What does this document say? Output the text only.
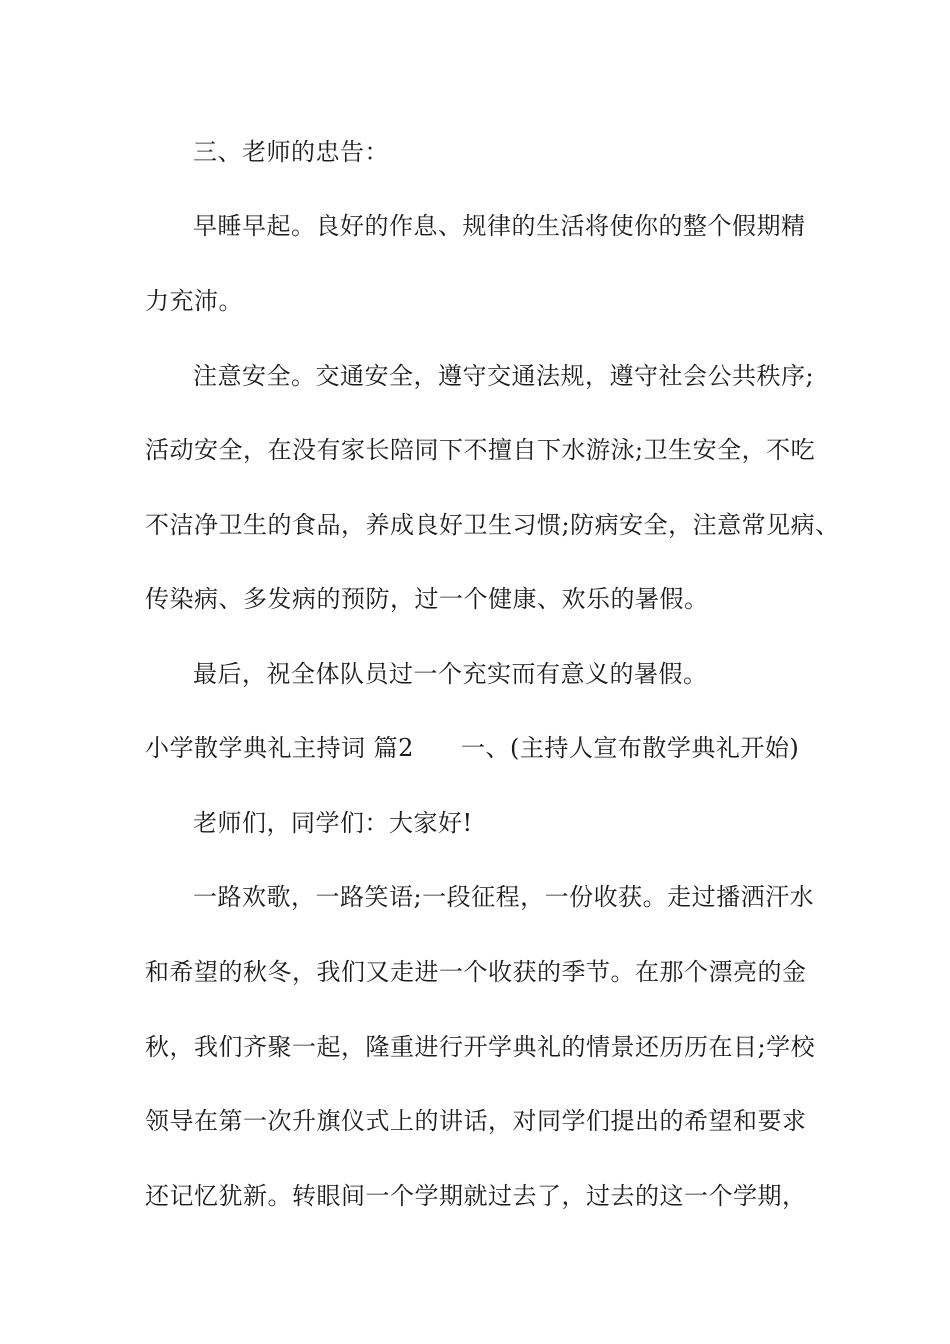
三、老师的忠告：
早睡早起。良好的作息、规律的生活将使你的整个假期精
力充沛。
注意安全。交通安全，遵守交通法规，遵守社会公共秩序;
活动安全，在没有家长陪同下不擅自下水游泳;卫生安全，不吃
不洁净卫生的食品，养成良好卫生习惯;防病安全，注意常见病、
传染病、多发病的预防，过一个健康、欢乐的暑假。
最后，祝全体队员过一个充实而有意义的暑假。
小学散学典礼主持词 篇2 一、(主持人宣布散学典礼开始)
老师们，同学们：大家好!
一路欢歌，一路笑语;一段征程，一份收获。走过播洒汗水
和希望的秋冬，我们又走进一个收获的季节。在那个漂亮的金
秋，我们齐聚一起，隆重进行开学典礼的情景还历历在目;学校
领导在第一次升旗仪式上的讲话，对同学们提出的希望和要求
还记忆犹新。转眼间一个学期就过去了，过去的这一个学期，
